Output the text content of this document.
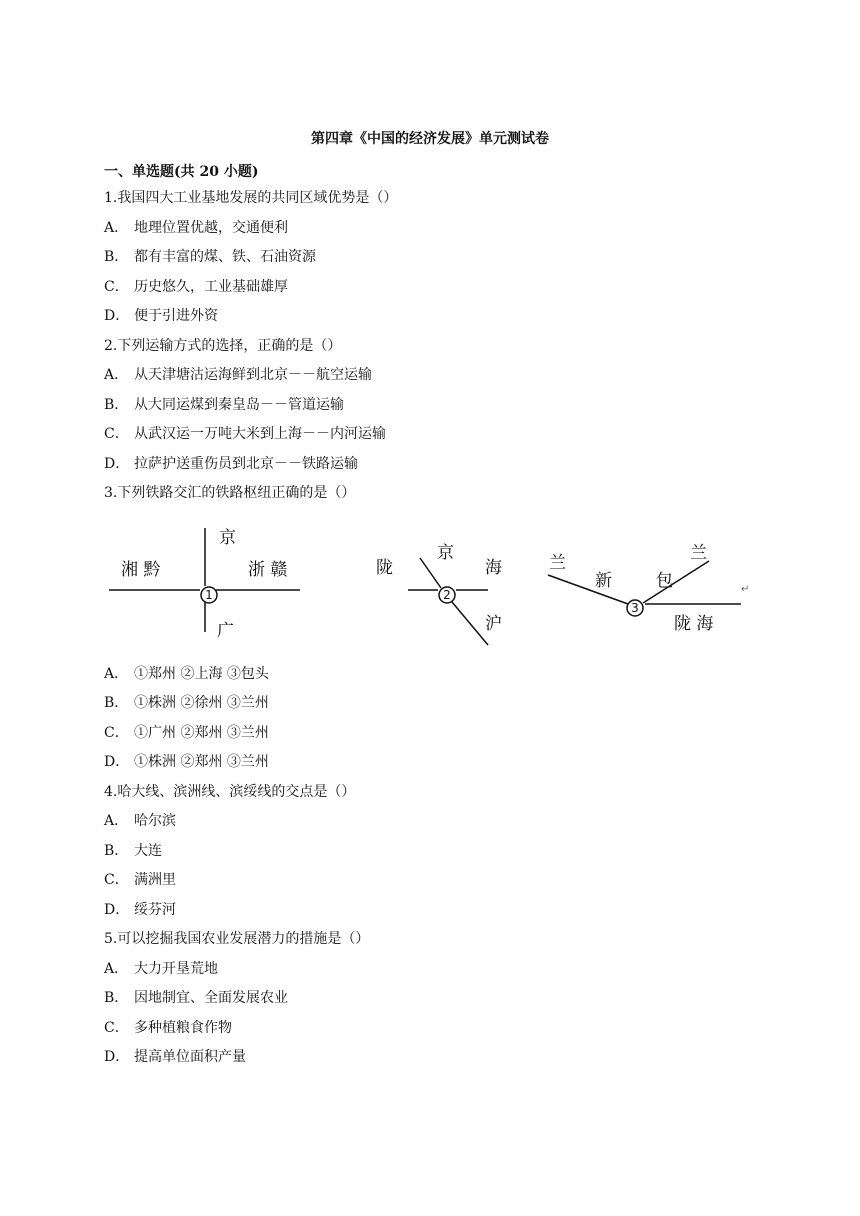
第四章《中国的经济发展》单元测试卷
一、单选题(共 20 小题)
1.我国四大工业基地发展的共同区域优势是（）
A． 地理位置优越，交通便利
B． 都有丰富的煤、铁、石油资源
C． 历史悠久，工业基础雄厚
D． 便于引进外资
2.下列运输方式的选择，正确的是（）
A． 从天津塘沽运海鲜到北京－－航空运输
B． 从大同运煤到秦皇岛－－管道运输
C． 从武汉运一万吨大米到上海－－内河运输
D． 拉萨护送重伤员到北京－－铁路运输
3.下列铁路交汇的铁路枢纽正确的是（）
京
湘 黔	浙 赣
广
1
陇
京
海
沪
2
兰
新	包
兰
陇 海
3
↵
A． ①郑州 ②上海 ③包头
B． ①株洲 ②徐州 ③兰州
C． ①广州 ②郑州 ③兰州
D． ①株洲 ②郑州 ③兰州
4.哈大线、滨洲线、滨绥线的交点是（）
A． 哈尔滨
B． 大连
C． 满洲里
D． 绥芬河
5.可以挖掘我国农业发展潜力的措施是（）
A． 大力开垦荒地
B． 因地制宜、全面发展农业
C． 多种植粮食作物
D． 提高单位面积产量
